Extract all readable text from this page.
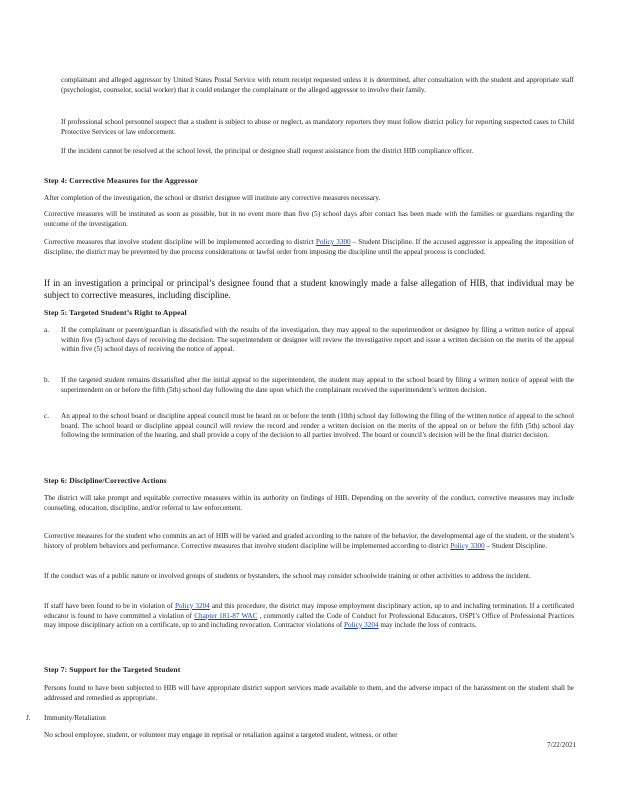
complainant and alleged aggressor by United States Postal Service with return receipt requested unless it is determined, after consultation with the student and appropriate staff (psychologist, counselor, social worker) that it could endanger the complainant or the alleged aggressor to involve their family.

If professional school personnel suspect that a student is subject to abuse or neglect, as mandatory reporters they must follow district policy for reporting suspected cases to Child Protective Services or law enforcement.

If the incident cannot be resolved at the school level, the principal or designee shall request assistance from the district HIB compliance officer.

Step 4: Corrective Measures for the Aggressor

After completion of the investigation, the school or district designee will institute any corrective measures necessary.

Corrective measures will be instituted as soon as possible, but in no event more than five (5) school days after contact has been made with the families or guardians regarding the outcome of the investigation.

Corrective measures that involve student discipline will be implemented according to district Policy 3300 – Student Discipline. If the accused aggressor is appealing the imposition of discipline, the district may be prevented by due process considerations or lawful order from imposing the discipline until the appeal process is concluded.

If in an investigation a principal or principal’s designee found that a student knowingly made a false allegation of HIB, that individual may be subject to corrective measures, including discipline.

Step 5: Targeted Student’s Right to Appeal

a. If the complainant or parent/guardian is dissatisfied with the results of the investigation, they may appeal to the superintendent or designee by filing a written notice of appeal within five (5) school days of receiving the decision. The superintendent or designee will review the investigative report and issue a written decision on the merits of the appeal within five (5) school days of receiving the notice of appeal.
b. If the targeted student remains dissatisfied after the initial appeal to the superintendent, the student may appeal to the school board by filing a written notice of appeal with the superintendent on or before the fifth (5th) school day following the date upon which the complainant received the superintendent’s written decision.
c. An appeal to the school board or discipline appeal council must be heard on or before the tenth (10th) school day following the filing of the written notice of appeal to the school board. The school board or discipline appeal council will review the record and render a written decision on the merits of the appeal on or before the fifth (5th) school day following the termination of the hearing, and shall provide a copy of the decision to all parties involved. The board or council’s decision will be the final district decision.

Step 6: Discipline/Corrective Actions

The district will take prompt and equitable corrective measures within its authority on findings of HIB. Depending on the severity of the conduct, corrective measures may include counseling, education, discipline, and/or referral to law enforcement.

Corrective measures for the student who commits an act of HIB will be varied and graded according to the nature of the behavior, the developmental age of the student, or the student’s history of problem behaviors and performance. Corrective measures that involve student discipline will be implemented according to district Policy 3300 – Student Discipline.

If the conduct was of a public nature or involved groups of students or bystanders, the school may consider schoolwide training or other activities to address the incident.

If staff have been found to be in violation of Policy 3204 and this procedure, the district may impose employment disciplinary action, up to and including termination. If a certificated educator is found to have committed a violation of Chapter 181-87 WAC , commonly called the Code of Conduct for Professional Educators, OSPI’s Office of Professional Practices may impose disciplinary action on a certificate, up to and including revocation. Contractor violations of Policy 3204 may include the loss of contracts.

Step 7: Support for the Targeted Student

Persons found to have been subjected to HIB will have appropriate district support services made available to them, and the adverse impact of the harassment on the student shall be addressed and remedied as appropriate.

J. Immunity/Retaliation

No school employee, student, or volunteer may engage in reprisal or retaliation against a targeted student, witness, or other

7/22/2021
